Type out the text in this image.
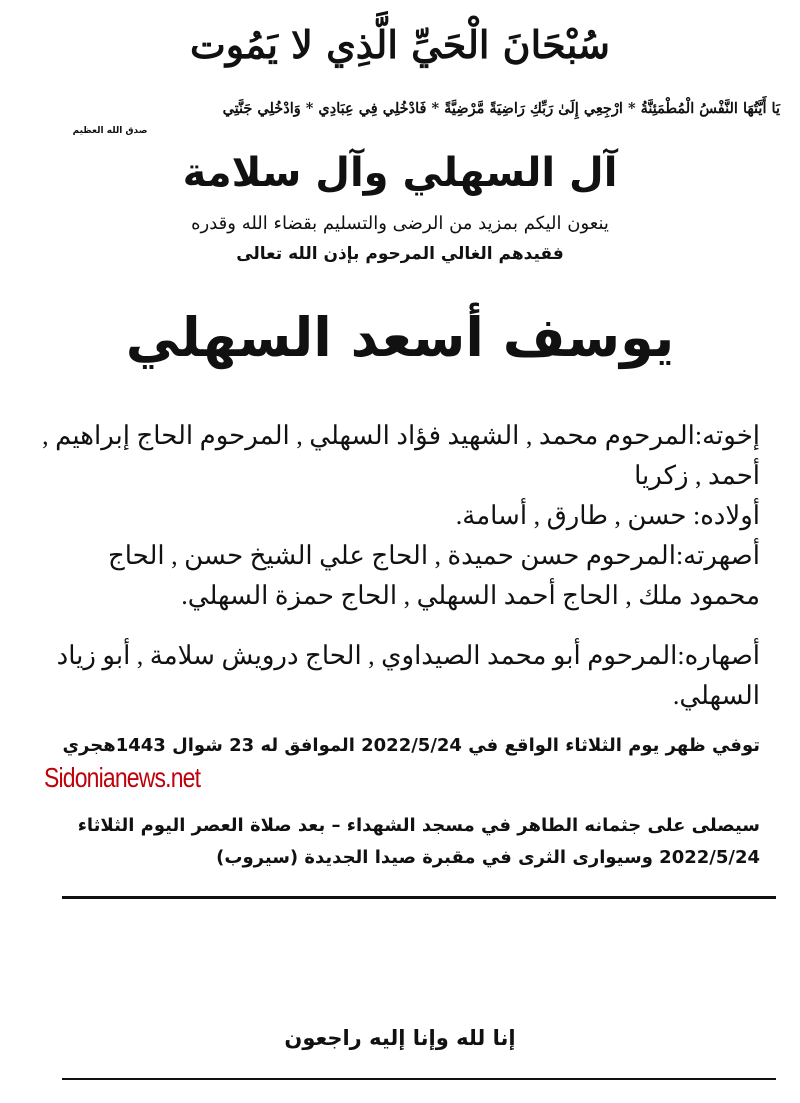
سُبْحَانَ الْحَيِّ الَّذِي لا يَمُوت
يَا أَيَّتُهَا النَّفْسُ الْمُطْمَئِنَّةُ * ارْجِعِي إِلَىٰ رَبِّكِ رَاضِيَةً مَّرْضِيَّةً * فَادْخُلِي فِي عِبَادِي * وَادْخُلِي جَنَّتِي
صدق الله العظيم
آل السهلي وآل سلامة
ينعون اليكم بمزيد من الرضى والتسليم بقضاء الله وقدره
فقيدهم الغالي المرحوم بإذن الله تعالى
يوسف أسعد السهلي
إخوته:المرحوم محمد , الشهيد فؤاد السهلي , المرحوم الحاج إبراهيم , أحمد , زكريا
أولاده: حسن , طارق , أسامة.
أصهرته:المرحوم حسن حميدة , الحاج علي الشيخ حسن , الحاج محمود ملك , الحاج أحمد السهلي , الحاج حمزة السهلي.
أصهاره:المرحوم أبو محمد الصيداوي , الحاج درويش سلامة , أبو زياد السهلي.
توفي ظهر يوم الثلاثاء الواقع في 2022/5/24 الموافق له 23 شوال 1443هجري
سيصلى على جثمانه الطاهر في مسجد الشهداء – بعد صلاة العصر اليوم الثلاثاء 2022/5/24 وسيوارى الثرى في مقبرة صيدا الجديدة (سيروب)
Sidonianews.net
إنا لله وإنا إليه راجعون
